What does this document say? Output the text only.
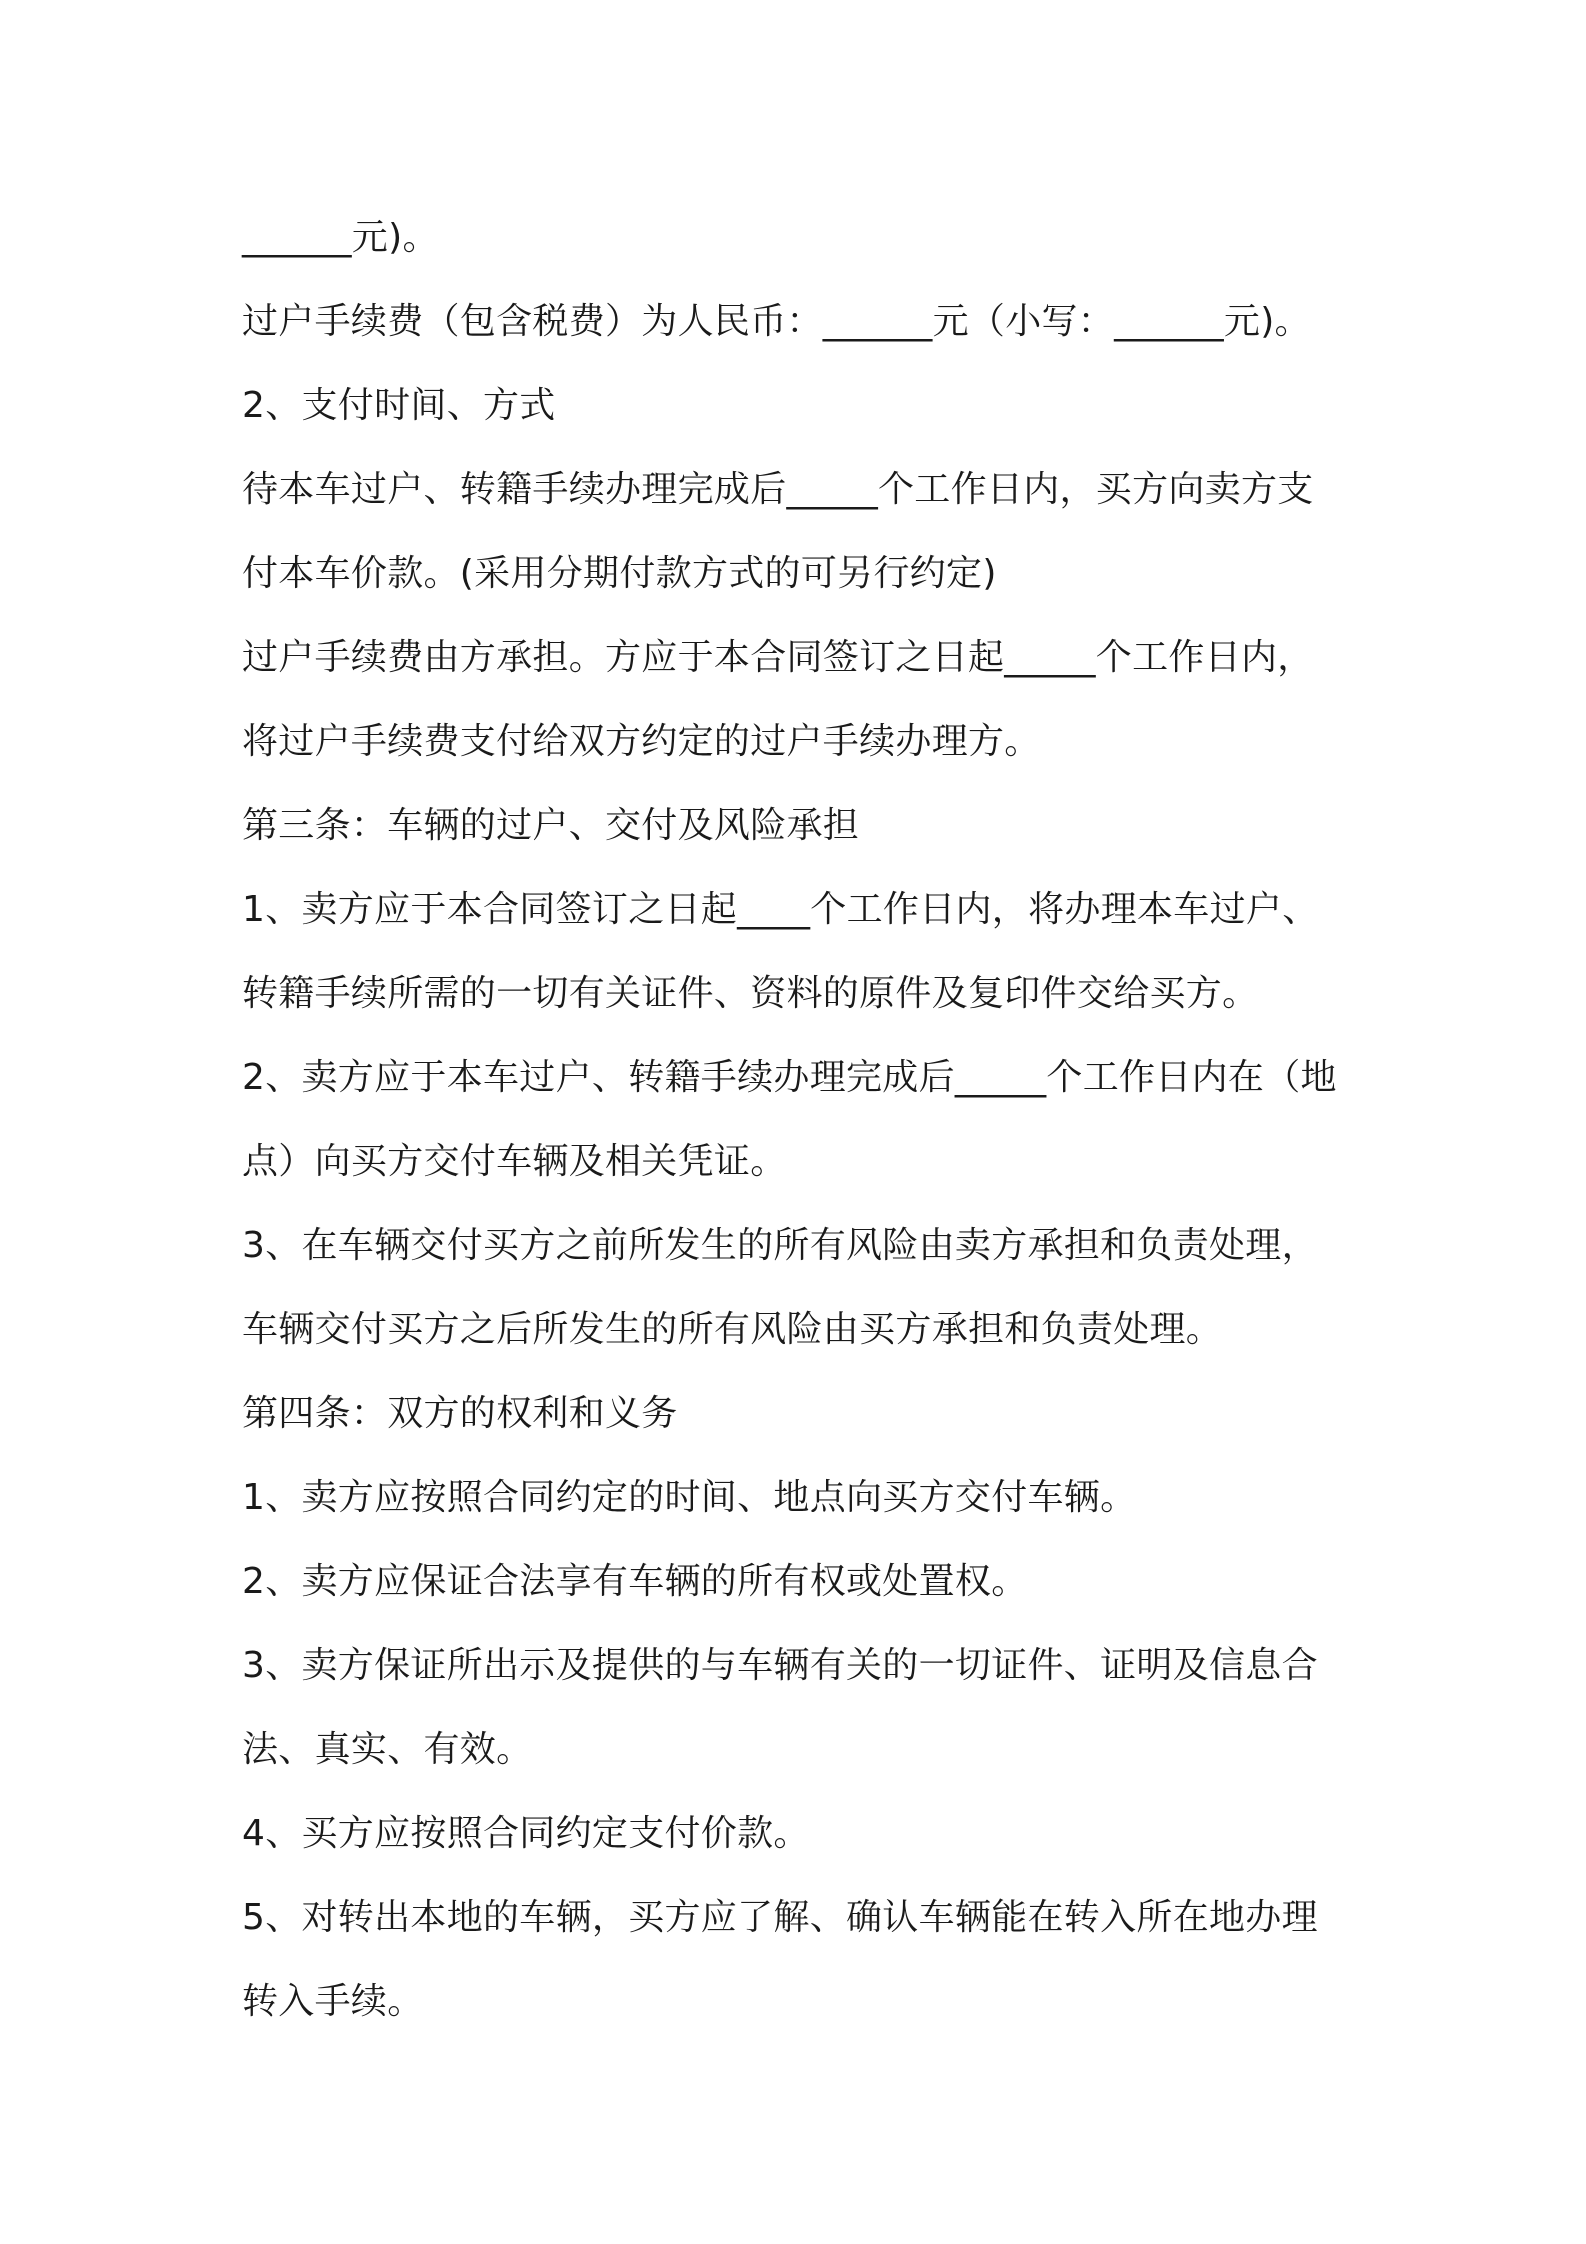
______元)。
过户手续费（包含税费）为人民币：______元（小写：______元)。
2、支付时间、方式
待本车过户、转籍手续办理完成后_____个工作日内，买方向卖方支
付本车价款。(采用分期付款方式的可另行约定)
过户手续费由方承担。方应于本合同签订之日起_____个工作日内，
将过户手续费支付给双方约定的过户手续办理方。
第三条：车辆的过户、交付及风险承担
1、卖方应于本合同签订之日起____个工作日内，将办理本车过户、
转籍手续所需的一切有关证件、资料的原件及复印件交给买方。
2、卖方应于本车过户、转籍手续办理完成后_____个工作日内在（地
点）向买方交付车辆及相关凭证。
3、在车辆交付买方之前所发生的所有风险由卖方承担和负责处理，
车辆交付买方之后所发生的所有风险由买方承担和负责处理。
第四条：双方的权利和义务
1、卖方应按照合同约定的时间、地点向买方交付车辆。
2、卖方应保证合法享有车辆的所有权或处置权。
3、卖方保证所出示及提供的与车辆有关的一切证件、证明及信息合
法、真实、有效。
4、买方应按照合同约定支付价款。
5、对转出本地的车辆，买方应了解、确认车辆能在转入所在地办理
转入手续。
